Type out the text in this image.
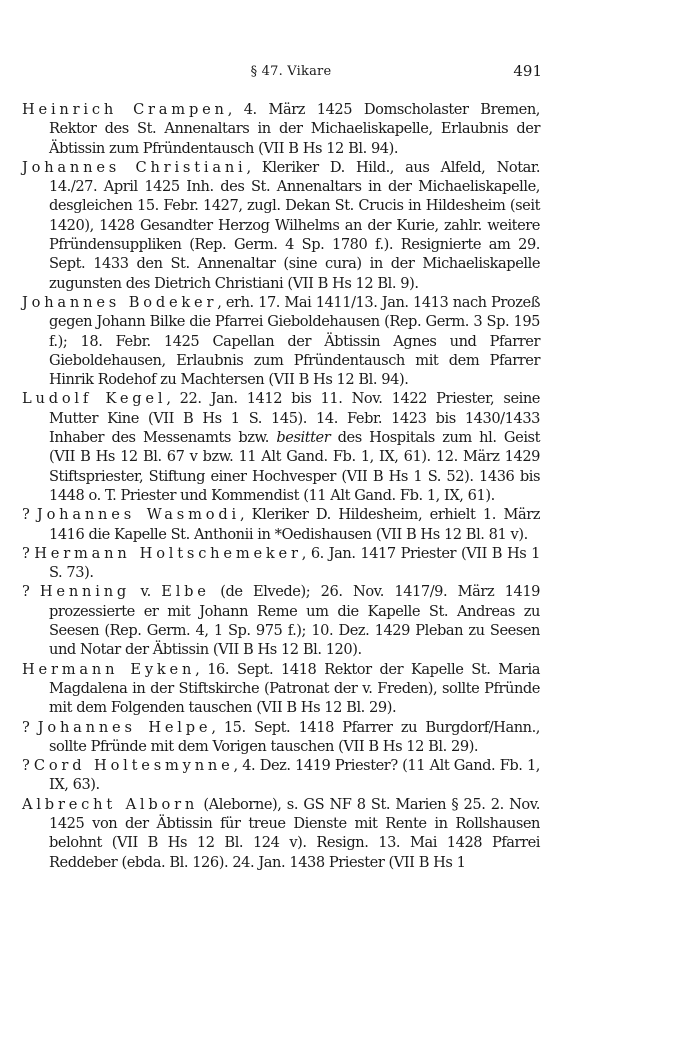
§ 47. Vikare	491

Heinrich Crampen, 4. März 1425 Domscholaster Bremen, Rektor des St. Annenaltars in der Michaeliskapelle, Erlaubnis der Äbtissin zum Pfründentausch (VII B Hs 12 Bl. 94).

Johannes Christiani, Kleriker D. Hild., aus Alfeld, Notar. 14./27. April 1425 Inh. des St. Annenaltars in der Michaeliskapelle, desgleichen 15. Febr. 1427, zugl. Dekan St. Crucis in Hildesheim (seit 1420), 1428 Gesandter Herzog Wilhelms an der Kurie, zahlr. weitere Pfründensuppliken (Rep. Germ. 4 Sp. 1780 f.). Resignierte am 29. Sept. 1433 den St. Annenaltar (sine cura) in der Michaeliskapelle zugunsten des Dietrich Christiani (VII B Hs 12 Bl. 9).

Johannes Bodeker, erh. 17. Mai 1411/13. Jan. 1413 nach Prozeß gegen Johann Bilke die Pfarrei Gieboldehausen (Rep. Germ. 3 Sp. 195 f.); 18. Febr. 1425 Capellan der Äbtissin Agnes und Pfarrer Gieboldehausen, Erlaubnis zum Pfründentausch mit dem Pfarrer Hinrik Rodehof zu Machtersen (VII B Hs 12 Bl. 94).

Ludolf Kegel, 22. Jan. 1412 bis 11. Nov. 1422 Priester, seine Mutter Kine (VII B Hs 1 S. 145). 14. Febr. 1423 bis 1430/1433 Inhaber des Messenamts bzw. besitter des Hospitals zum hl. Geist (VII B Hs 12 Bl. 67 v bzw. 11 Alt Gand. Fb. 1, IX, 61). 12. März 1429 Stiftspriester, Stiftung einer Hochvesper (VII B Hs 1 S. 52). 1436 bis 1448 o. T. Priester und Kommendist (11 Alt Gand. Fb. 1, IX, 61).

? Johannes Wasmodi, Kleriker D. Hildesheim, erhielt 1. März 1416 die Kapelle St. Anthonii in *Oedishausen (VII B Hs 12 Bl. 81 v).

? Hermann Holtschemeker, 6. Jan. 1417 Priester (VII B Hs 1 S. 73).

? Henning v. Elbe (de Elvede); 26. Nov. 1417/9. März 1419 prozessierte er mit Johann Reme um die Kapelle St. Andreas zu Seesen (Rep. Germ. 4, 1 Sp. 975 f.); 10. Dez. 1429 Pleban zu Seesen und Notar der Äbtissin (VII B Hs 12 Bl. 120).

Hermann Eyken, 16. Sept. 1418 Rektor der Kapelle St. Maria Magdalena in der Stiftskirche (Patronat der v. Freden), sollte Pfründe mit dem Folgenden tauschen (VII B Hs 12 Bl. 29).

? Johannes Helpe, 15. Sept. 1418 Pfarrer zu Burgdorf/Hann., sollte Pfründe mit dem Vorigen tauschen (VII B Hs 12 Bl. 29).

? Cord Holtesmynne, 4. Dez. 1419 Priester? (11 Alt Gand. Fb. 1, IX, 63).

Albrecht Alborn (Aleborne), s. GS NF 8 St. Marien § 25. 2. Nov. 1425 von der Äbtissin für treue Dienste mit Rente in Rollshausen belohnt (VII B Hs 12 Bl. 124 v). Resign. 13. Mai 1428 Pfarrei Reddeber (ebda. Bl. 126). 24. Jan. 1438 Priester (VII B Hs 1
